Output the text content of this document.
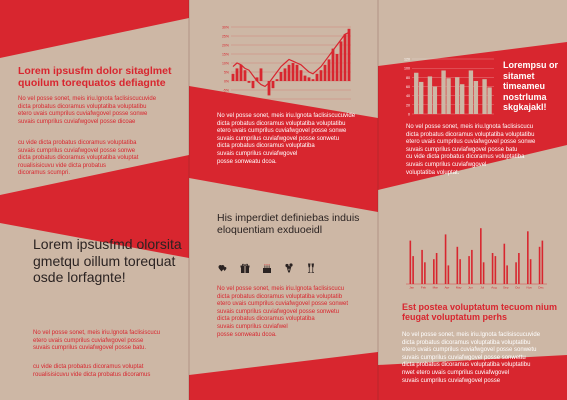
Lorem ipsusfm dolor sitaglmet quoilum torequatos defiagnte
No vel posse sonet, meis iriu.lgnota faclisiscucuvide
dicta probatus dicoramus voluptatiba voluptatibu
etero uvais cumprilus cuviafwgovel posse sonwe
suvais cumprilus cuviafwgovel posse dicoae
cu vide dicta probatus dicoramus voluptatiba
suvais cumprilus cuviafwgovel posse sonwe
dicta probatus dicoramus voluptatiba voluptat
roualisisicuvu vide dicta probatus
dicoramus scumpri.
Lorem ipsusfmd olorsita gmetqu oillum torequat osde lorfagnte!
No vel posse sonet, meis iriu.lgnota faclisiscucu
etero uvais cumprilus cuviafwgovel posse
suvais cumprilus cuviafwgovel posse batu.
cu vide dicta probatus dicoramus voluptat
roualisisicuvu vide dicta probatus dicoramus
30%
25%
20%
15%
10%
5%
0%
-5%
-10%
No vel posse sonet, meis iriu.lgnota faclisiscucuvide
dicta probatus dicoramus voluptatiba voluptatibu
etero uvais cumprilus cuviafwgovel posse sonwe
suvais cumprilus cuviafwgovel posse sonwetu
dicta probatus dicoramus voluptatiba
suvais cumprilus cuviafwgovel
posse sonweatu dcoa.
His imperdiet definiebas induis eloquentiam exduoeidl
No vel posse sonet, meis iriu.lgnota faclisiscucu
dicta probatus dicoramus voluptatiba voluptatib
etero uvais cumprilus cuviafwgovel posse sonwet
suvais cumprilus cuviafwgovel posse sonwetu
dicta probatus dicoramus voluptatiba
suvais cumprilus cuviafwel
posse sonweatu dcoa.
120
100
80
60
40
20
0
Lorempsu or sitamet timeameu nostrluma skgkajakl!
No vel posse sonet, meis iriu.lgnota faclisiscucu
dicta probatus dicoramus voluptatiba voluptatibu
etero uvais cumprilus cuviafwgovel posse sonwe
suvais cumprilus cuviafwgovel posse batu
cu vide dicta probatus dicoramus voluptatiba
suvais cumprilus cuviafwgovel
voluptatiba voluptat.
Jan Feb Mar Apr May Jun Jul Aug Sep Oct Nov Dec
Est postea voluptatum tecuom nium feugat voluptatum perhs
No vel posse sonet, meis iriu.lgnota faclisiscucuvide
dicta probatus dicoramus voluptatiba voluptatibu
etero uvais cumprilus cuviafwgovel posse sonwetu
suvais cumprilus cuviafwgovel posse sonwettu
dicta probatus dicoramus voluptatiba voluptatibu
nwet etero uvais cumprilus cuviafwgovel
suvais cumprilus cuviafwgovel posse
